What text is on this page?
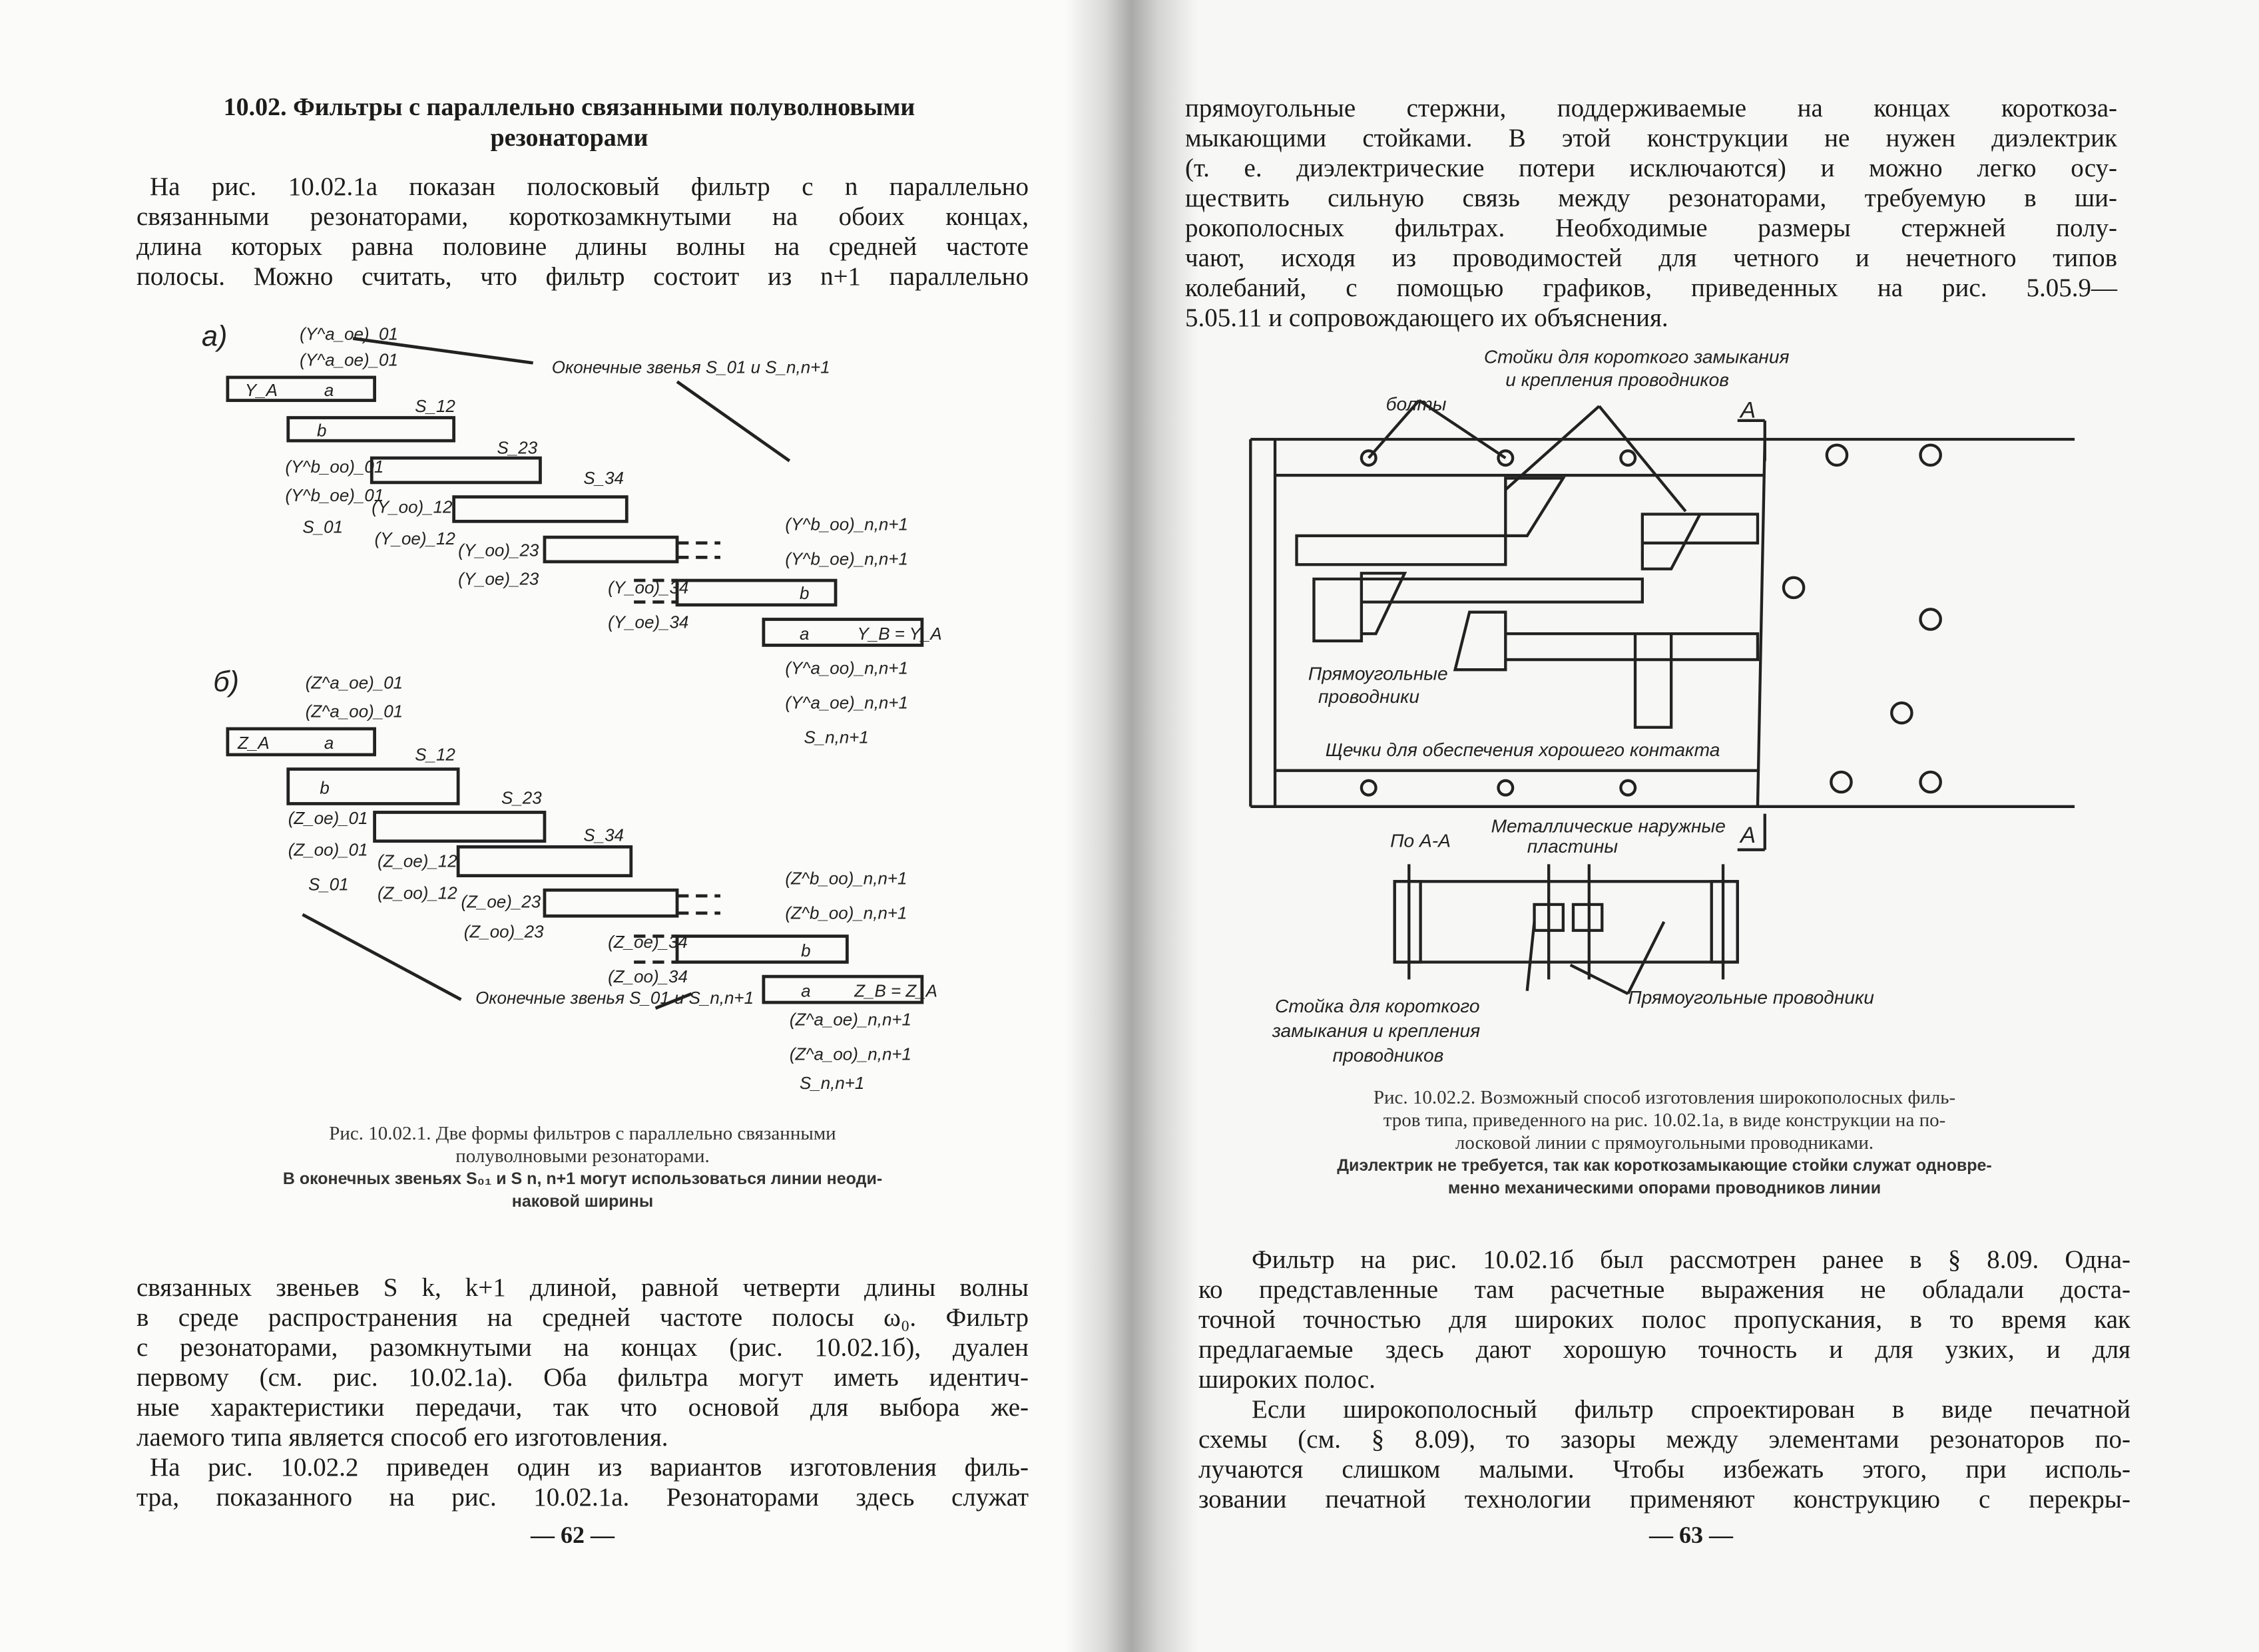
10.02. Фильтры с параллельно связанными полуволновыми
резонаторами
На рис. 10.02.1a показан полосковый фильтр с n параллельно
связанными резонаторами, короткозамкнутыми на обоих концах,
длина которых равна половине длины волны на средней частоте
полосы. Можно считать, что фильтр состоит из n+1 параллельно
a)	(Y^a_oe)_01
(Y^a_oe)_01
Y_A	a
S_12
b
S_23
(Y^b_oo)_01
(Y^b_oe)_01
S_01
(Y_oo)_12
(Y_oe)_12
S_34
(Y_oo)_23
(Y_oe)_23	(Y_oo)_34
(Y_oe)_34
(Y^b_oo)_n,n+1
(Y^b_oe)_n,n+1
b
a	Y_B = Y_A
(Y^a_oo)_n,n+1
(Y^a_oe)_n,n+1
S_n,n+1
Оконечные звенья S_01 и S_n,n+1
б)	(Z^a_oe)_01
(Z^a_oo)_01
Z_A	a
S_12
b
S_23
(Z_oe)_01
(Z_oo)_01
S_34
S_01
(Z_oe)_12
(Z_oo)_12 (Z_oe)_23
(Z_oo)_23
(Z_oe)_34
(Z_oo)_34
(Z^b_oo)_n,n+1
(Z^b_oo)_n,n+1
b
a	Z_B = Z_A
(Z^a_oe)_n,n+1
(Z^a_oo)_n,n+1
S_n,n+1
Оконечные звенья S_01 и S_n,n+1
Стойки для короткого замыкания
и крепления проводников
болты	A
Прямоугольные
проводники
Щечки для обеспечения хорошего контакта
По A-A
Металлические наружные
пластины	A
Стойка для короткого
замыкания и крепления
проводников
Прямоугольные проводники
Рис. 10.02.1. Две формы фильтров с параллельно связанными
полуволновыми резонаторами.
В оконечных звеньях S₀₁ и S n, n+1 могут использоваться линии неоди-
наковой ширины
связанных звеньев S k, k+1 длиной, равной четверти длины волны
в среде распространения на средней частоте полосы ω₀. Фильтр
с резонаторами, разомкнутыми на концах (рис. 10.02.1б), дуален
первому (см. рис. 10.02.1a). Оба фильтра могут иметь идентич-
ные характеристики передачи, так что основой для выбора же-
лаемого типа является способ его изготовления.
На рис. 10.02.2 приведен один из вариантов изготовления филь-
тра, показанного на рис. 10.02.1a. Резонаторами здесь служат
— 62 —
прямоугольные стержни, поддерживаемые на концах короткоза-
мыкающими стойками. В этой конструкции не нужен диэлектрик
(т. е. диэлектрические потери исключаются) и можно легко осу-
ществить сильную связь между резонаторами, требуемую в ши-
рокополосных фильтрах. Необходимые размеры стержней полу-
чают, исходя из проводимостей для четного и нечетного типов
колебаний, с помощью графиков, приведенных на рис. 5.05.9—
5.05.11 и сопровождающего их объяснения.
Рис. 10.02.2. Возможный способ изготовления широкополосных филь-
тров типа, приведенного на рис. 10.02.1a, в виде конструкции на по-
лосковой линии с прямоугольными проводниками.
Диэлектрик не требуется, так как короткозамыкающие стойки служат одновре-
менно механическими опорами проводников линии
Фильтр на рис. 10.02.1б был рассмотрен ранее в § 8.09. Одна-
ко представленные там расчетные выражения не обладали доста-
точной точностью для широких полос пропускания, в то время как
предлагаемые здесь дают хорошую точность и для узких, и для
широких полос.
Если широкополосный фильтр спроектирован в виде печатной
схемы (см. § 8.09), то зазоры между элементами резонаторов по-
лучаются слишком малыми. Чтобы избежать этого, при исполь-
зовании печатной технологии применяют конструкцию с перекры-
— 63 —
